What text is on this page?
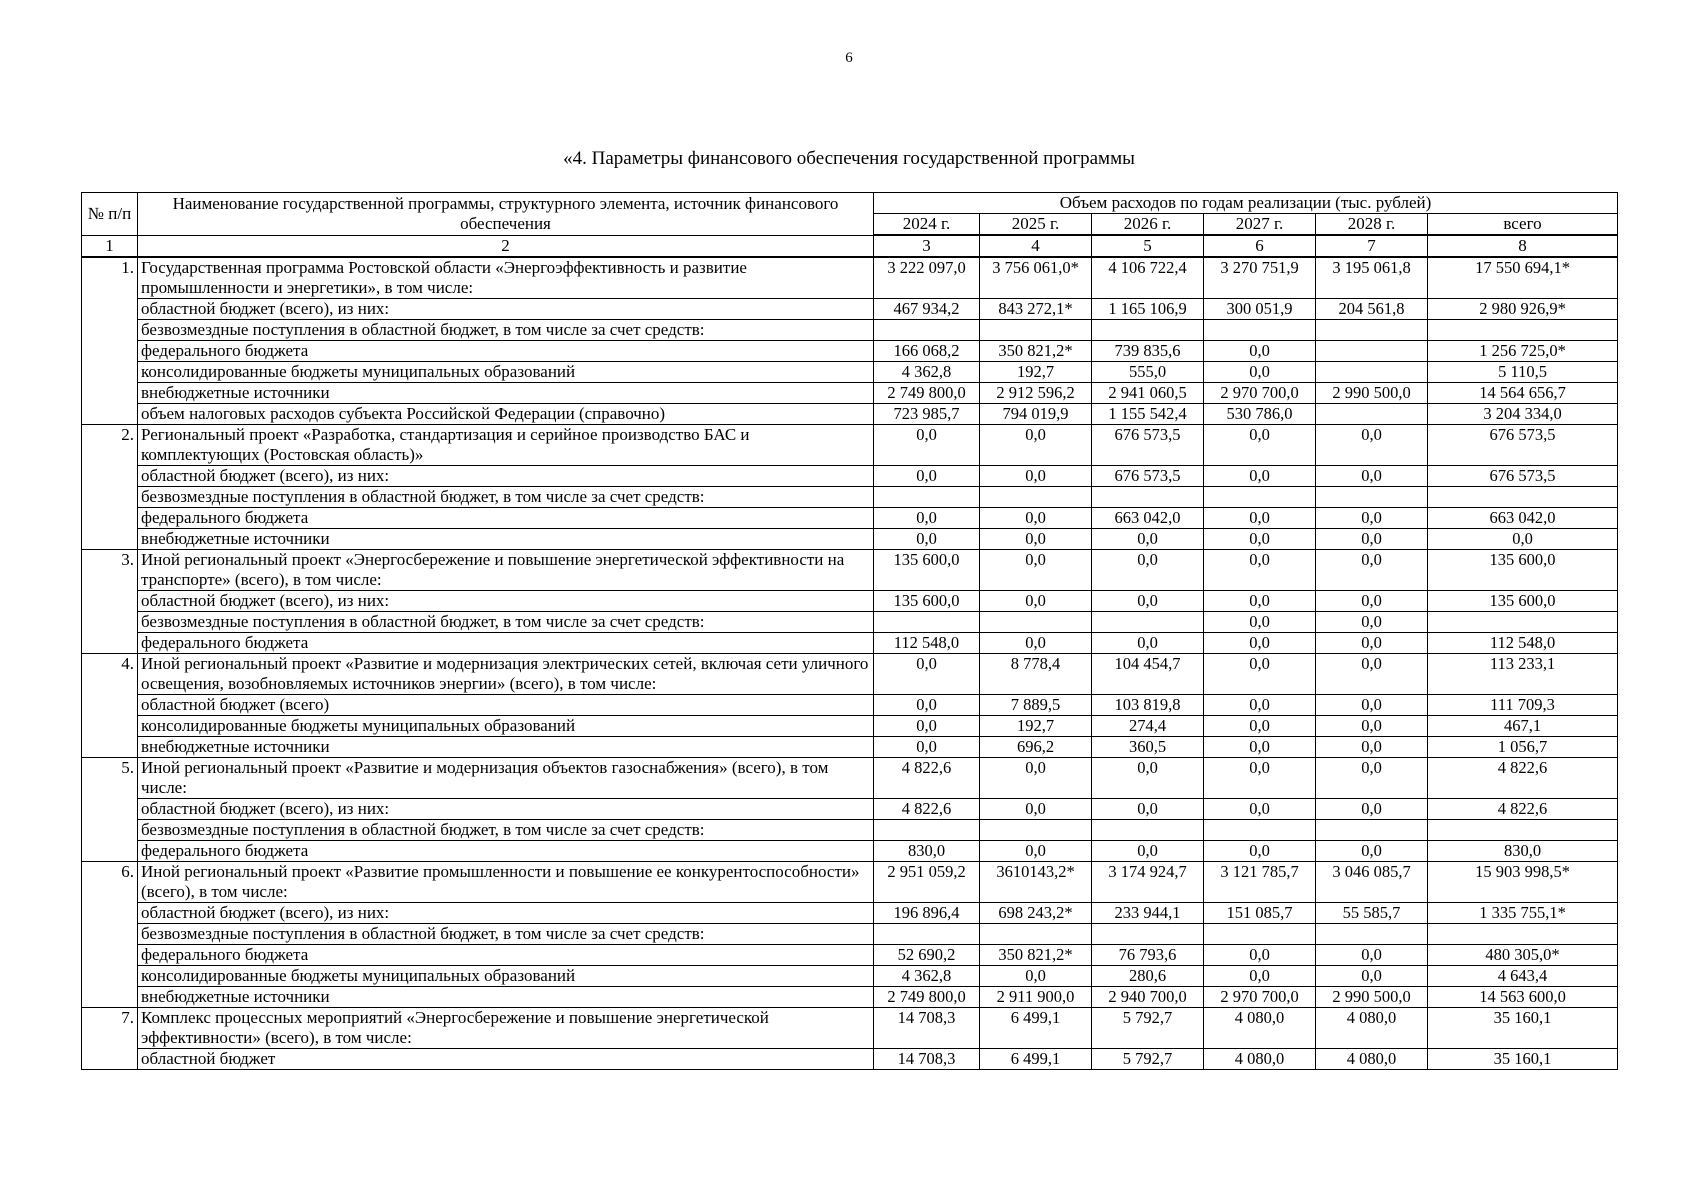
6
«4. Параметры финансового обеспечения государственной программы
№ п/п	Наименование государственной программы, структурного элемента, источник финансового обеспечения	Объем расходов по годам реализации (тыс. рублей)					
		2024 г.	2025 г.	2026 г.	2027 г.	2028 г.	всего
1	2	3	4	5	6	7	8
1.	Государственная программа Ростовской области «Энергоэффективность и развитие промышленности и энергетики», в том числе:	3 222 097,0	3 756 061,0*	4 106 722,4	3 270 751,9	3 195 061,8	17 550 694,1*
	областной бюджет (всего), из них:	467 934,2	843 272,1*	1 165 106,9	300 051,9	204 561,8	2 980 926,9*
	безвозмездные поступления в областной бюджет, в том числе за счет средств:						
	федерального бюджета	166 068,2	350 821,2*	739 835,6	0,0		1 256 725,0*
	консолидированные бюджеты муниципальных образований	4 362,8	192,7	555,0	0,0		5 110,5
	внебюджетные источники	2 749 800,0	2 912 596,2	2 941 060,5	2 970 700,0	2 990 500,0	14 564 656,7
	объем налоговых расходов субъекта Российской Федерации (справочно)	723 985,7	794 019,9	1 155 542,4	530 786,0		3 204 334,0
2.	Региональный проект «Разработка, стандартизация и серийное производство БАС и комплектующих (Ростовская область)»	0,0	0,0	676 573,5	0,0	0,0	676 573,5
	областной бюджет (всего), из них:	0,0	0,0	676 573,5	0,0	0,0	676 573,5
	безвозмездные поступления в областной бюджет, в том числе за счет средств:						
	федерального бюджета	0,0	0,0	663 042,0	0,0	0,0	663 042,0
	внебюджетные источники	0,0	0,0	0,0	0,0	0,0	0,0
3.	Иной региональный проект «Энергосбережение и повышение энергетической эффективности на транспорте» (всего), в том числе:	135 600,0	0,0	0,0	0,0	0,0	135 600,0
	областной бюджет (всего), из них:	135 600,0	0,0	0,0	0,0	0,0	135 600,0
	безвозмездные поступления в областной бюджет, в том числе за счет средств:				0,0	0,0	
	федерального бюджета	112 548,0	0,0	0,0	0,0	0,0	112 548,0
4.	Иной региональный проект «Развитие и модернизация электрических сетей, включая сети уличного освещения, возобновляемых источников энергии» (всего), в том числе:	0,0	8 778,4	104 454,7	0,0	0,0	113 233,1
	областной бюджет (всего)	0,0	7 889,5	103 819,8	0,0	0,0	111 709,3
	консолидированные бюджеты муниципальных образований	0,0	192,7	274,4	0,0	0,0	467,1
	внебюджетные источники	0,0	696,2	360,5	0,0	0,0	1 056,7
5.	Иной региональный проект «Развитие и модернизация объектов газоснабжения» (всего), в том числе:	4 822,6	0,0	0,0	0,0	0,0	4 822,6
	областной бюджет (всего), из них:	4 822,6	0,0	0,0	0,0	0,0	4 822,6
	безвозмездные поступления в областной бюджет, в том числе за счет средств:						
	федерального бюджета	830,0	0,0	0,0	0,0	0,0	830,0
6.	Иной региональный проект «Развитие промышленности и повышение ее конкурентоспособности» (всего), в том числе:	2 951 059,2	3610143,2*	3 174 924,7	3 121 785,7	3 046 085,7	15 903 998,5*
	областной бюджет (всего), из них:	196 896,4	698 243,2*	233 944,1	151 085,7	55 585,7	1 335 755,1*
	безвозмездные поступления в областной бюджет, в том числе за счет средств:						
	федерального бюджета	52 690,2	350 821,2*	76 793,6	0,0	0,0	480 305,0*
	консолидированные бюджеты муниципальных образований	4 362,8	0,0	280,6	0,0	0,0	4 643,4
	внебюджетные источники	2 749 800,0	2 911 900,0	2 940 700,0	2 970 700,0	2 990 500,0	14 563 600,0
7.	Комплекс процессных мероприятий «Энергосбережение и повышение энергетической эффективности» (всего), в том числе:	14 708,3	6 499,1	5 792,7	4 080,0	4 080,0	35 160,1
	областной бюджет	14 708,3	6 499,1	5 792,7	4 080,0	4 080,0	35 160,1
